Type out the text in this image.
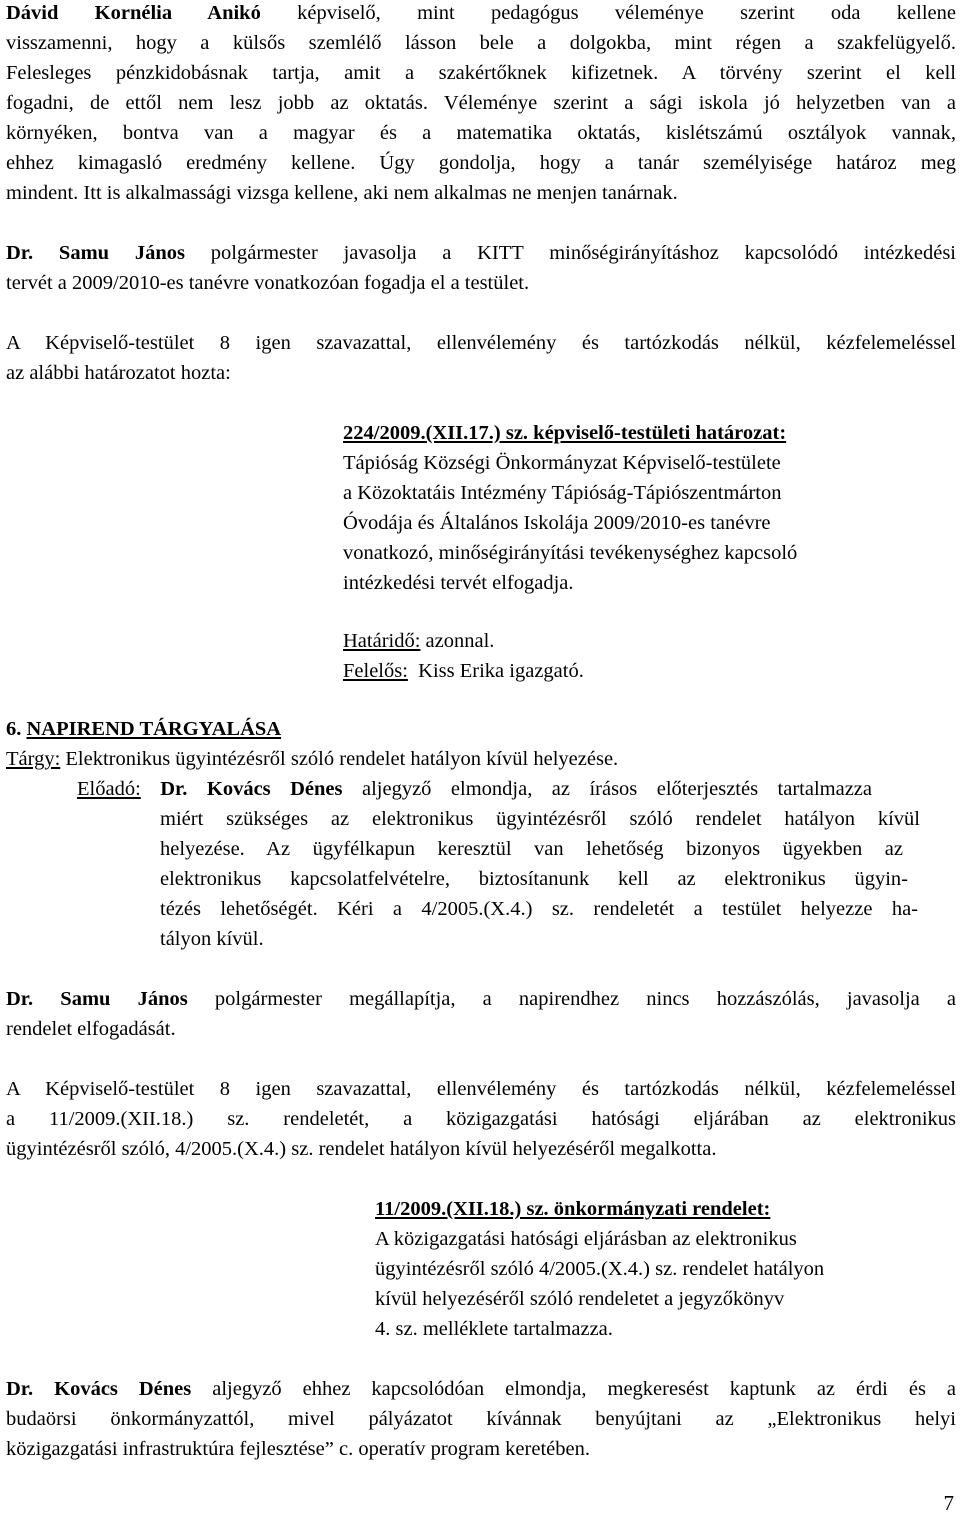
Dávid Kornélia Anikó képviselő, mint pedagógus véleménye szerint oda kellene
visszamenni, hogy a külsős szemlélő lásson bele a dolgokba, mint régen a szakfelügyelő.
Felesleges pénzkidobásnak tartja, amit a szakértőknek kifizetnek. A törvény szerint el kell
fogadni, de ettől nem lesz jobb az oktatás. Véleménye szerint a sági iskola jó helyzetben van a
környéken, bontva van a magyar és a matematika oktatás, kislétszámú osztályok vannak,
ehhez kimagasló eredmény kellene. Úgy gondolja, hogy a tanár személyisége határoz meg
mindent. Itt is alkalmassági vizsga kellene, aki nem alkalmas ne menjen tanárnak.
Dr. Samu János polgármester javasolja a KITT minőségirányításhoz kapcsolódó intézkedési
tervét a 2009/2010-es tanévre vonatkozóan fogadja el a testület.
A Képviselő-testület 8 igen szavazattal, ellenvélemény és tartózkodás nélkül, kézfelemeléssel
az alábbi határozatot hozta:
224/2009.(XII.17.) sz. képviselő-testületi határozat:
Tápióság Községi Önkormányzat Képviselő-testülete
a Közoktatáis Intézmény Tápióság-Tápiószentmárton
Óvodája és Általános Iskolája 2009/2010-es tanévre
vonatkozó, minőségirányítási tevékenységhez kapcsoló
intézkedési tervét elfogadja.
Határidő: azonnal.
Felelős:  Kiss Erika igazgató.
6. NAPIREND TÁRGYALÁSA
Tárgy: Elektronikus ügyintézésről szóló rendelet hatályon kívül helyezése.
Előadó: Dr. Kovács Dénes aljegyző elmondja, az írásos előterjesztés tartalmazza
miért szükséges az elektronikus ügyintézésről szóló rendelet hatályon kívül
helyezése. Az ügyfélkapun keresztül van lehetőség bizonyos ügyekben az
elektronikus kapcsolatfelvételre, biztosítanunk kell az elektronikus ügyin-
tézés lehetőségét. Kéri a 4/2005.(X.4.) sz. rendeletét a testület helyezze ha-
tályon kívül.
Dr. Samu János polgármester megállapítja, a napirendhez nincs hozzászólás, javasolja a
rendelet elfogadását.
A Képviselő-testület 8 igen szavazattal, ellenvélemény és tartózkodás nélkül, kézfelemeléssel
a 11/2009.(XII.18.) sz. rendeletét, a közigazgatási hatósági eljárában az elektronikus
ügyintézésről szóló, 4/2005.(X.4.) sz. rendelet hatályon kívül helyezéséről megalkotta.
11/2009.(XII.18.) sz. önkormányzati rendelet:
A közigazgatási hatósági eljárásban az elektronikus
ügyintézésről szóló 4/2005.(X.4.) sz. rendelet hatályon
kívül helyezéséről szóló rendeletet a jegyzőkönyv
4. sz. melléklete tartalmazza.
Dr. Kovács Dénes aljegyző ehhez kapcsolódóan elmondja, megkeresést kaptunk az érdi és a
budaörsi önkormányzattól, mivel pályázatot kívánnak benyújtani az „Elektronikus helyi
közigazgatási infrastruktúra fejlesztése” c. operatív program keretében.
7
